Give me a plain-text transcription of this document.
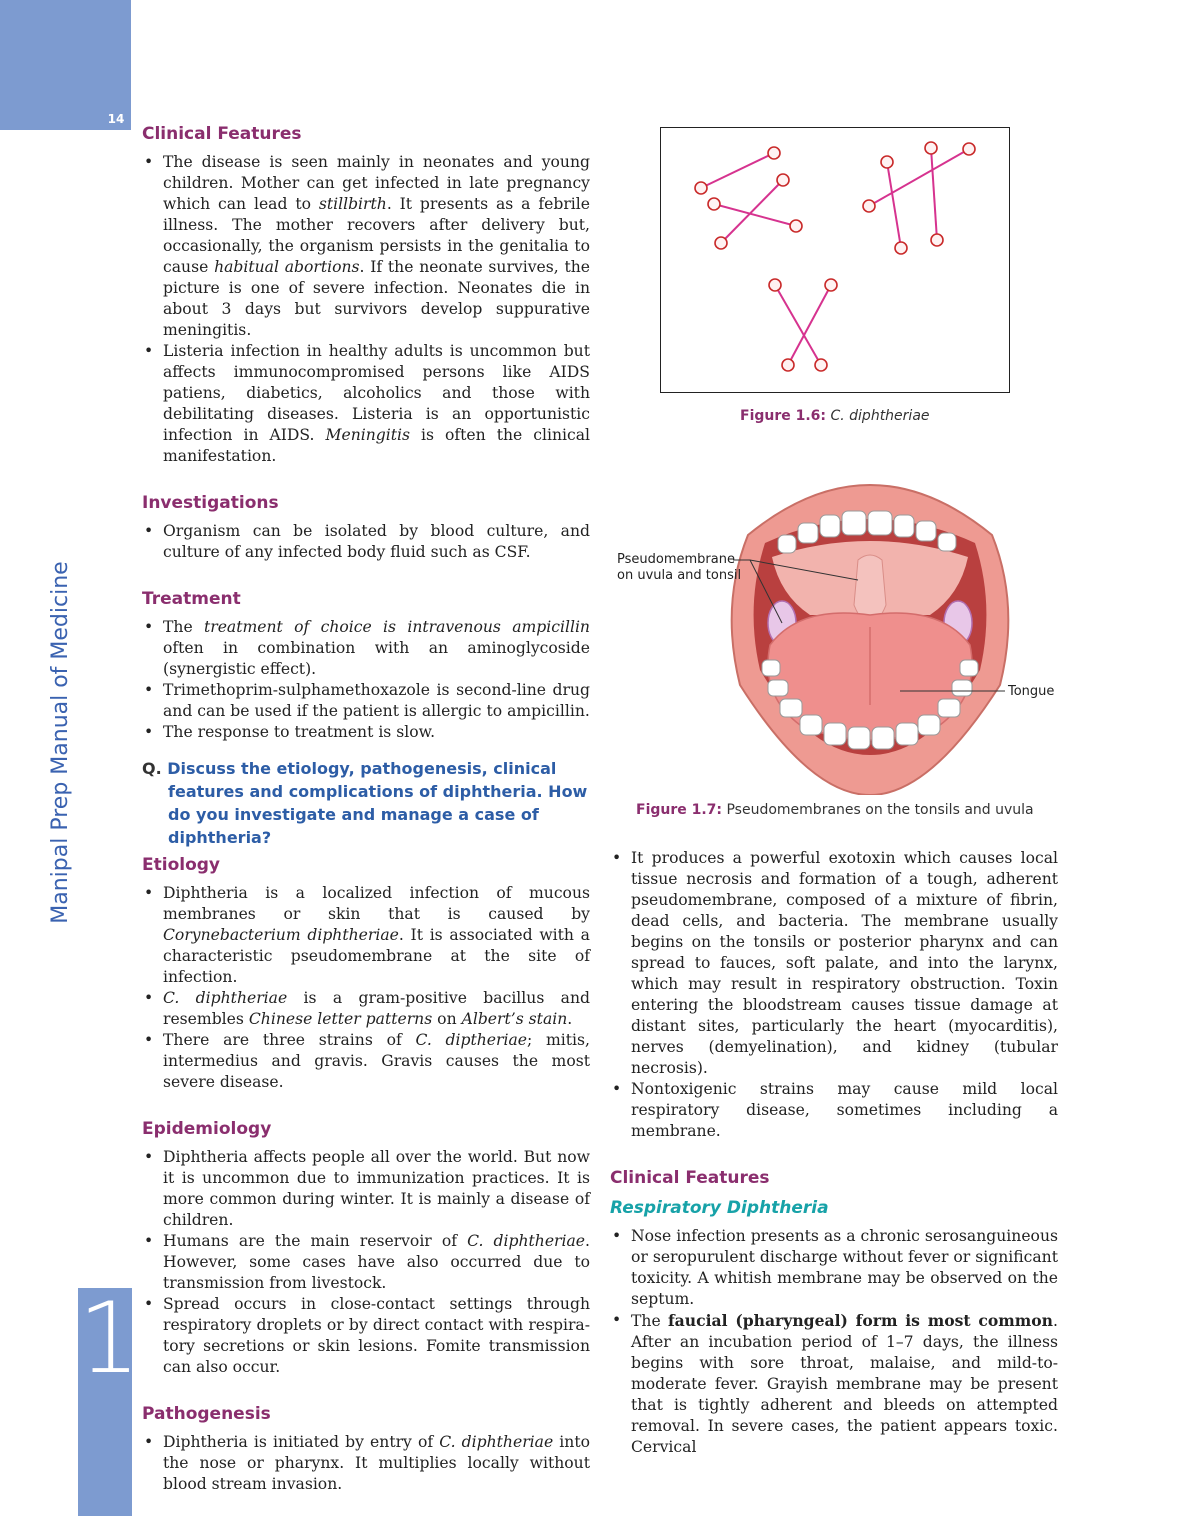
14
Manipal Prep Manual of Medicine
1
Clinical Features
• The disease is seen mainly in neonates and young children. Mother can get infected in late pregnancy which can lead to stillbirth. It presents as a febrile illness. The mother recovers after delivery but, occasionally, the organism persists in the genitalia to cause habitual abortions. If the neonate survives, the picture is one of severe infection. Neonates die in about 3 days but survivors develop suppurative meningitis.
• Listeria infection in healthy adults is uncommon but affects immunocompromised persons like AIDS patiens, diabetics, alcoholics and those with debilitating diseases. Listeria is an opportunistic infection in AIDS. Meningitis is often the clinical manifestation.
Investigations
• Organism can be isolated by blood culture, and culture of any infected body fluid such as CSF.
Treatment
• The treatment of choice is intravenous ampicillin often in combination with an aminoglycoside (synergistic effect).
• Trimethoprim-sulphamethoxazole is second-line drug and can be used if the patient is allergic to ampicillin.
• The response to treatment is slow.
Q. Discuss the etiology, pathogenesis, clinical features and complications of diphtheria. How do you investigate and manage a case of diphtheria?
Etiology
• Diphtheria is a localized infection of mucous membranes or skin that is caused by Corynebacterium diphtheriae. It is associated with a characteristic pseudomembrane at the site of infection.
• C. diphtheriae is a gram-positive bacillus and resembles Chinese letter patterns on Albert’s stain.
• There are three strains of C. diptheriae; mitis, intermedius and gravis. Gravis causes the most severe disease.
Epidemiology
• Diphtheria affects people all over the world. But now it is uncommon due to immunization practices. It is more common during winter. It is mainly a disease of children.
• Humans are the main reservoir of C. diphtheriae. However, some cases have also occurred due to transmission from livestock.
• Spread occurs in close-contact settings through respiratory droplets or by direct contact with respira-tory secretions or skin lesions. Fomite transmission can also occur.
Pathogenesis
• Diphtheria is initiated by entry of C. diphtheriae into the nose or pharynx. It multiplies locally without blood stream invasion.
Figure 1.6: C. diphtheriae
Pseudomembrane
on uvula and tonsil
Tongue
Figure 1.7: Pseudomembranes on the tonsils and uvula
• It produces a powerful exotoxin which causes local tissue necrosis and formation of a tough, adherent pseudomembrane, composed of a mixture of fibrin, dead cells, and bacteria. The membrane usually begins on the tonsils or posterior pharynx and can spread to fauces, soft palate, and into the larynx, which may result in respiratory obstruction. Toxin entering the bloodstream causes tissue damage at distant sites, particularly the heart (myocarditis), nerves (demyelination), and kidney (tubular necrosis).
• Nontoxigenic strains may cause mild local respiratory disease, sometimes including a membrane.
Clinical Features
Respiratory Diphtheria
• Nose infection presents as a chronic serosanguineous or seropurulent discharge without fever or significant toxicity. A whitish membrane may be observed on the septum.
• The faucial (pharyngeal) form is most common. After an incubation period of 1–7 days, the illness begins with sore throat, malaise, and mild-to-moderate fever. Grayish membrane may be present that is tightly adherent and bleeds on attempted removal. In severe cases, the patient appears toxic. Cervical
